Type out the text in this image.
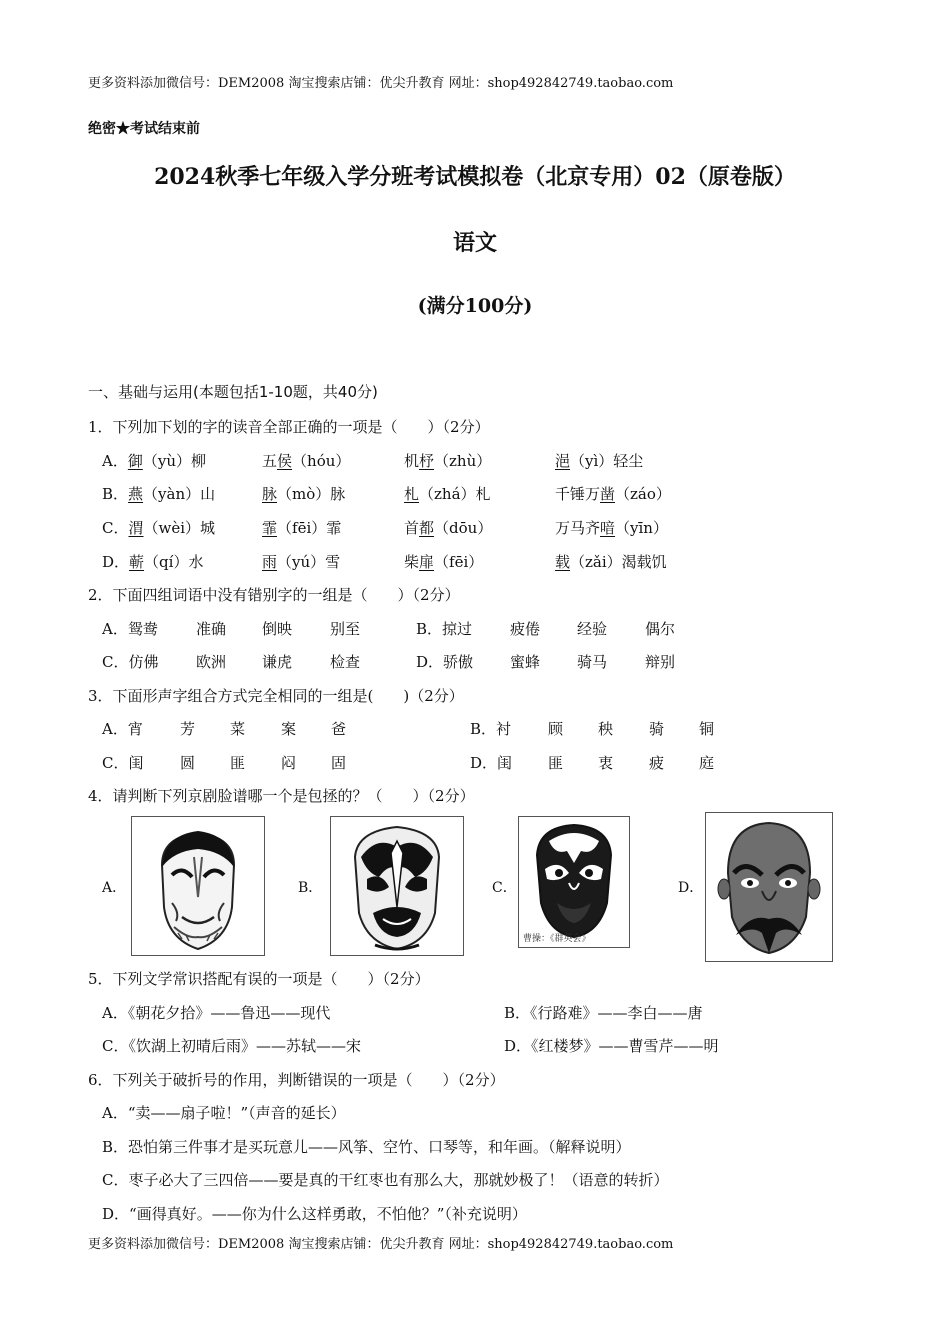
更多资料添加微信号：DEM2008 淘宝搜索店铺：优尖升教育 网址：shop492842749.taobao.com
绝密★考试结束前
2024秋季七年级入学分班考试模拟卷（北京专用）02（原卷版）
语文
(满分100分)
一、基础与运用(本题包括1-10题，共40分)
1．下列加下划的字的读音全部正确的一项是（　　）（2分）
A．御（yù）柳	五侯（hóu）	机杼（zhù）	浥（yì）轻尘
B．燕（yàn）山	脉（mò）脉	札（zhá）札	千锤万凿（záo）
C．渭（wèi）城	霏（fēi）霏	首都（dōu）	万马齐喑（yīn）
D．蕲（qí）水	雨（yú）雪	柴扉（fēi）	载（zǎi）渴载饥
2．下面四组词语中没有错别字的一组是（　　）（2分）
A．鸳鸯	准确 倒映	别至	B．掠过	疲倦 经验	偶尔
C．仿佛	欧洲 谦虎	检查	D．骄傲 蜜蜂 骑马	辩别
3．下面形声字组合方式完全相同的一组是(　　)（2分）
A．宵 芳 菜 案 爸	B．衬 顾 秧 骑 铜
C．闺 圆 匪 闷 固	D．闺 匪 衷 疲 庭
4．请判断下列京剧脸谱哪一个是包拯的？（　　）（2分）
A．	B．	C．
曹操：《群英会》
D．
5．下列文学常识搭配有误的一项是（　　）（2分）
A．《朝花夕拾》——鲁迅——现代	B．《行路难》——李白——唐
C．《饮湖上初晴后雨》——苏轼——宋	D．《红楼梦》——曹雪芹——明
6．下列关于破折号的作用，判断错误的一项是（　　）（2分）
A．“卖——扇子啦！”（声音的延长）
B．恐怕第三件事才是买玩意儿——风筝、空竹、口琴等，和年画。（解释说明）
C．枣子必大了三四倍——要是真的干红枣也有那么大，那就妙极了！（语意的转折）
D．“画得真好。——你为什么这样勇敢，不怕他？”（补充说明）
更多资料添加微信号：DEM2008 淘宝搜索店铺：优尖升教育 网址：shop492842749.taobao.com
